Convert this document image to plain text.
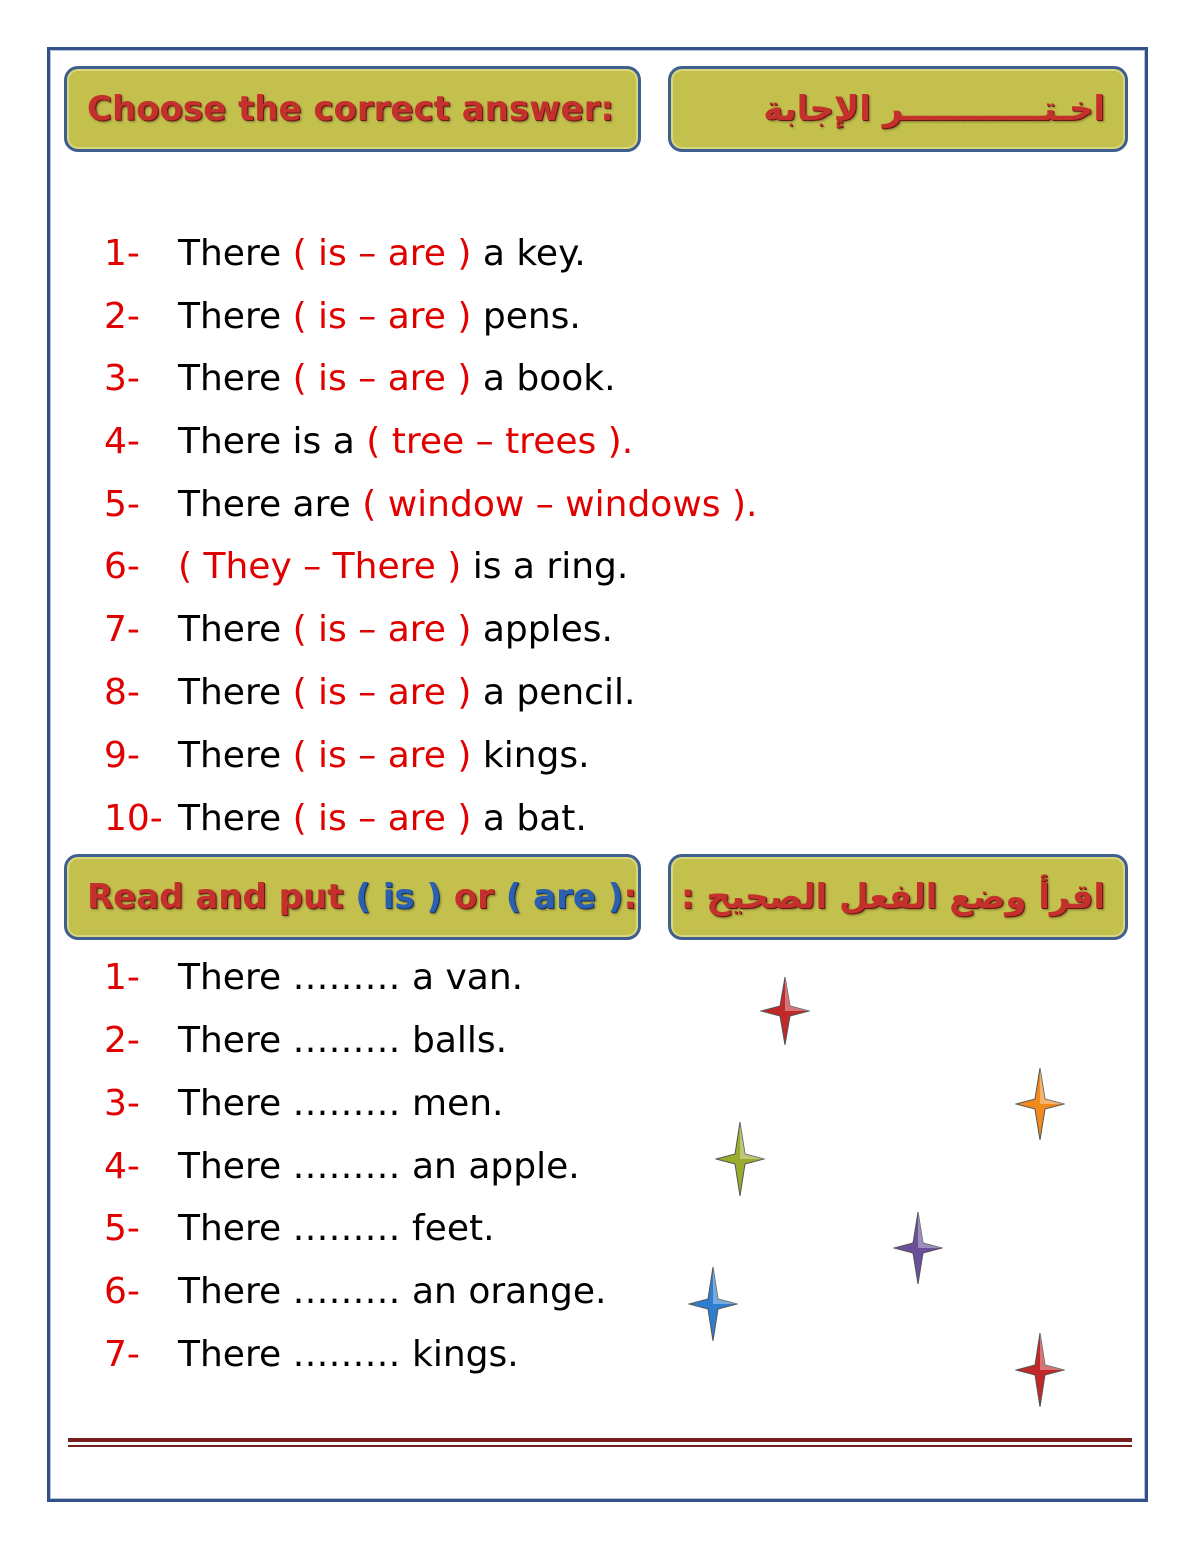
Choose the correct answer:	اخـتــــــــــــر الإجابة
1- There ( is – are ) a key.
2- There ( is – are ) pens.
3- There ( is – are ) a book.
4- There is a ( tree – trees ).
5- There are ( window – windows ).
6- ( They – There ) is a ring.
7- There ( is – are ) apples.
8- There ( is – are ) a pencil.
9- There ( is – are ) kings.
10- There ( is – are ) a bat.
Read and put ( is ) or ( are ): اقرأ وضع الفعل الصحيح :
1- There ……… a van.
2- There ……… balls.
3- There ……… men.
4- There ……… an apple.
5- There ……… feet.
6- There ……… an orange.
7- There ……… kings.
